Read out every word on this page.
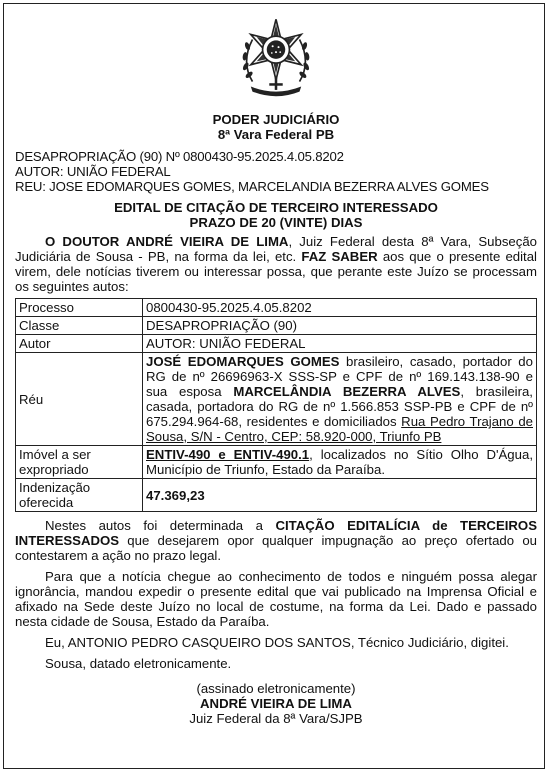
PODER JUDICIÁRIO
8ª Vara Federal PB
DESAPROPRIAÇÃO (90) Nº 0800430-95.2025.4.05.8202
AUTOR: UNIÃO FEDERAL
REU: JOSE EDOMARQUES GOMES, MARCELANDIA BEZERRA ALVES GOMES
EDITAL DE CITAÇÃO DE TERCEIRO INTERESSADO
PRAZO DE 20 (VINTE) DIAS

O DOUTOR ANDRÉ VIEIRA DE LIMA, Juiz Federal desta 8ª Vara, Subseção Judiciária de Sousa - PB, na forma da lei, etc. FAZ SABER aos que o presente edital virem, dele notícias tiverem ou interessar possa, que perante este Juízo se processam os seguintes autos:

Processo	0800430-95.2025.4.05.8202
Classe	DESAPROPRIAÇÃO (90)
Autor	AUTOR: UNIÃO FEDERAL
Réu	JOSÉ EDOMARQUES GOMES brasileiro, casado, portador do RG de nº 26696963-X SSS-SP e CPF de nº 169.143.138-90 e sua esposa MARCELÂNDIA BEZERRA ALVES, brasileira, casada, portadora do RG de nº 1.566.853 SSP-PB e CPF de nº 675.294.964-68, residentes e domiciliados Rua Pedro Trajano de Sousa, S/N - Centro, CEP: 58.920-000, Triunfo PB
Imóvel a ser expropriado	ENTIV-490 e ENTIV-490.1, localizados no Sítio Olho D'Água, Município de Triunfo, Estado da Paraíba.
Indenização oferecida	47.369,23

Nestes autos foi determinada a CITAÇÃO EDITALÍCIA de TERCEIROS INTERESSADOS que desejarem opor qualquer impugnação ao preço ofertado ou contestarem a ação no prazo legal.

Para que a notícia chegue ao conhecimento de todos e ninguém possa alegar ignorância, mandou expedir o presente edital que vai publicado na Imprensa Oficial e afixado na Sede deste Juízo no local de costume, na forma da Lei. Dado e passado nesta cidade de Sousa, Estado da Paraíba.

Eu, ANTONIO PEDRO CASQUEIRO DOS SANTOS, Técnico Judiciário, digitei.

Sousa, datado eletronicamente.

(assinado eletronicamente)
ANDRÉ VIEIRA DE LIMA
Juiz Federal da 8ª Vara/SJPB
